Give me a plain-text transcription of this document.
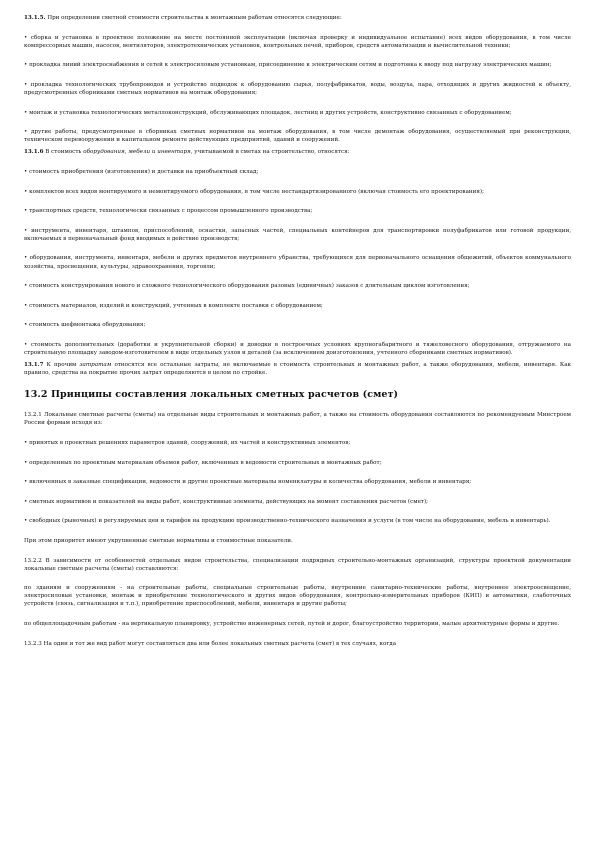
13.1.5. При определении сметной стоимости строительства к монтажным работам относятся следующие:

• сборка и установка в проектное положение на месте постоянной эксплуатации (включая проверку и индивидуальное испытание) всех видов оборудования, в том числе компрессорных машин, насосов, вентиляторов, электротехнических установок, контрольных печей, приборов, средств автоматизации и вычислительной техники;

• прокладка линий электроснабжения и сетей к электросиловым установкам, присоединение к электрическим сетям и подготовка к вводу под нагрузку электрических машин;

• прокладка технологических трубопроводов и устройство подводок к оборудованию сырья, полуфабрикатов, воды, воздуха, пара, отходящих и других жидкостей к объекту, предусмотренных сборниками сметных нормативов на монтаж оборудования;

• монтаж и установка технологических металлоконструкций, обслуживающих площадок, лестниц и других устройств, конструктивно связанных с оборудованием;

• другие работы, предусмотренные в сборниках сметных нормативов на монтаж оборудования, в том числе демонтаж оборудования, осуществляемый при реконструкции, техническом перевооружении и капитальном ремонте действующих предприятий, зданий и сооружений.

13.1.6 В стоимость оборудования, мебели и инвентаря, учитываемой в сметах на строительство, относятся:

• стоимость приобретения (изготовления) и доставки на приобъектный склад;

• комплектов всех видов монтируемого и немонтируемого оборудования, в том числе нестандартизированного (включая стоимость его проектирования);

• транспортных средств, технологически связанных с процессом промышленного производства;

• инструмента, инвентаря, штампов, приспособлений, оснастки, запасных частей, специальных контейнеров для транспортировки полуфабрикатов или готовой продукции, включаемых в первоначальный фонд вводимых в действие производств;

• оборудования, инструмента, инвентаря, мебели и других предметов внутреннего убранства, требующихся для первоначального оснащения общежитий, объектов коммунального хозяйства, просвещения, культуры, здравоохранения, торговли;

• стоимость конструирования нового и сложного технологического оборудования разовых (единичных) заказов с длительным циклом изготовления;

• стоимость материалов, изделий и конструкций, учтенных в комплекте поставки с оборудованием;

• стоимость шефмонтажа оборудования;

• стоимость дополнительных (доработки и укрупнительной сборки) и доводки в построечных условиях крупногабаритного и тяжеловесного оборудования, отгружаемого на строительную площадку заводом-изготовителем в виде отдельных узлов и деталей (за исключением доизготовления, учтенного сборниками сметных нормативов).

13.1.7 К прочим затратам относятся все остальные затраты, не включаемые в стоимость строительных и монтажных работ, а также оборудования, мебели, инвентаря. Как правило, средства на покрытие прочих затрат определяются в целом по стройке.

13.2 Принципы составления локальных сметных расчетов (смет)

13.2.1 Локальные сметные расчеты (сметы) на отдельные виды строительных и монтажных работ, а также на стоимость оборудования составляются по рекомендуемым Минстроем России формам исходя из:

• принятых в проектных решениях параметров зданий, сооружений, их частей и конструктивных элементов;

• определенных по проектным материалам объемов работ, включенных в ведомости строительных и монтажных работ;

• включенных в заказные спецификации, ведомости и другие проектные материалы номенклатуры и количества оборудования, мебели и инвентаря;

• сметных нормативов и показателей на виды работ, конструктивные элементы, действующих на момент составления расчетов (смет);

• свободных (рыночных) и регулируемых цен и тарифов на продукцию производственно-технического назначения и услуги (в том числе на оборудование, мебель и инвентарь).

При этом приоритет имеют укрупненные сметные нормативы и стоимостные показатели.

13.2.2 В зависимости от особенностей отдельных видов строительства, специализации подрядных строительно-монтажных организаций, структуры проектной документации локальные сметные расчеты (сметы) составляются:

по зданиям и сооружениям - на строительные работы, специальные строительные работы, внутренние санитарно-технические работы, внутреннее электроосвещение, электросиловые установки, монтаж и приобретение технологического и других видов оборудования, контрольно-измерительных приборов (КИП) и автоматики, слаботочных устройств (связь, сигнализация и т.п.), приобретение приспособлений, мебели, инвентаря и другие работы;

по общеплощадочным работам - на вертикальную планировку, устройство инженерных сетей, путей и дорог, благоустройство территории, малые архитектурные формы и другие.

13.2.3 На один и тот же вид работ могут составляться два или более локальных сметных расчета (смет) в тех случаях, когда
